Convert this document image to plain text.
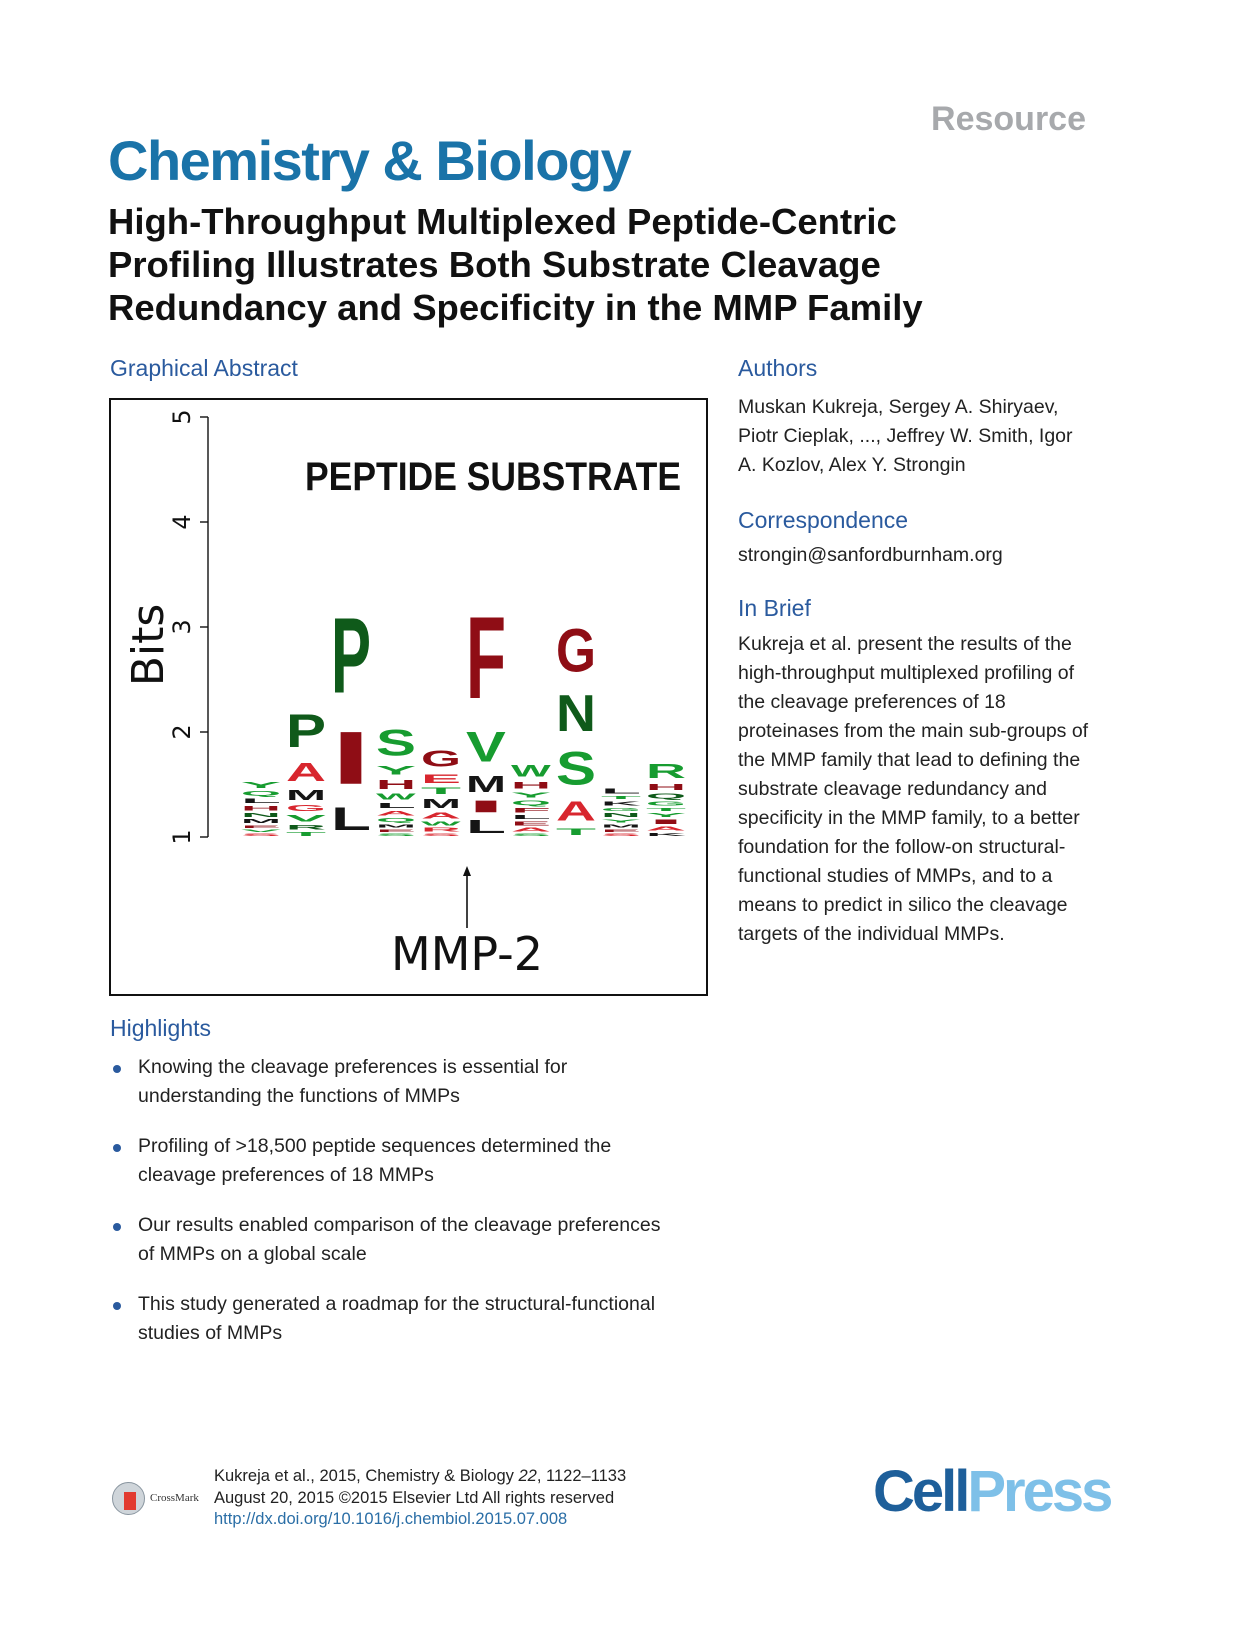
Resource
Chemistry & Biology
High-Throughput Multiplexed Peptide-Centric
Profiling Illustrates Both Substrate Cleavage
Redundancy and Specificity in the MMP Family
Graphical Abstract
1
2
3
4
5
S
V
E
M
N
H
L
Q
Y
T
R
V
G
M
A
P
L
I
P
S
E
M
Q
A
L
W
H
Y
S
S
R
W
A
M
T
E
G
L
I
M
V
F
S
A
E
L
F
Q
Y
H
W
T
A
S
N
G
S
E
M
Y
N
G
K
T
L
K
A
I
Y
T
G
Q
H
R
PEPTIDE SUBSTRATE
Bits
MMP-2
Highlights
Knowing the cleavage preferences is essential for
understanding the functions of MMPs
Profiling of >18,500 peptide sequences determined the
cleavage preferences of 18 MMPs
Our results enabled comparison of the cleavage preferences
of MMPs on a global scale
This study generated a roadmap for the structural-functional
studies of MMPs
Authors
Muskan Kukreja, Sergey A. Shiryaev,
Piotr Cieplak, ..., Jeffrey W. Smith, Igor
A. Kozlov, Alex Y. Strongin
Correspondence
strongin@sanfordburnham.org
In Brief
Kukreja et al. present the results of the
high-throughput multiplexed profiling of
the cleavage preferences of 18
proteinases from the main sub-groups of
the MMP family that lead to defining the
substrate cleavage redundancy and
specificity in the MMP family, to a better
foundation for the follow-on structural-
functional studies of MMPs, and to a
means to predict in silico the cleavage
targets of the individual MMPs.
CrossMark
Kukreja et al., 2015, Chemistry & Biology 22, 1122–1133
August 20, 2015 ©2015 Elsevier Ltd All rights reserved
http://dx.doi.org/10.1016/j.chembiol.2015.07.008	CellPress
